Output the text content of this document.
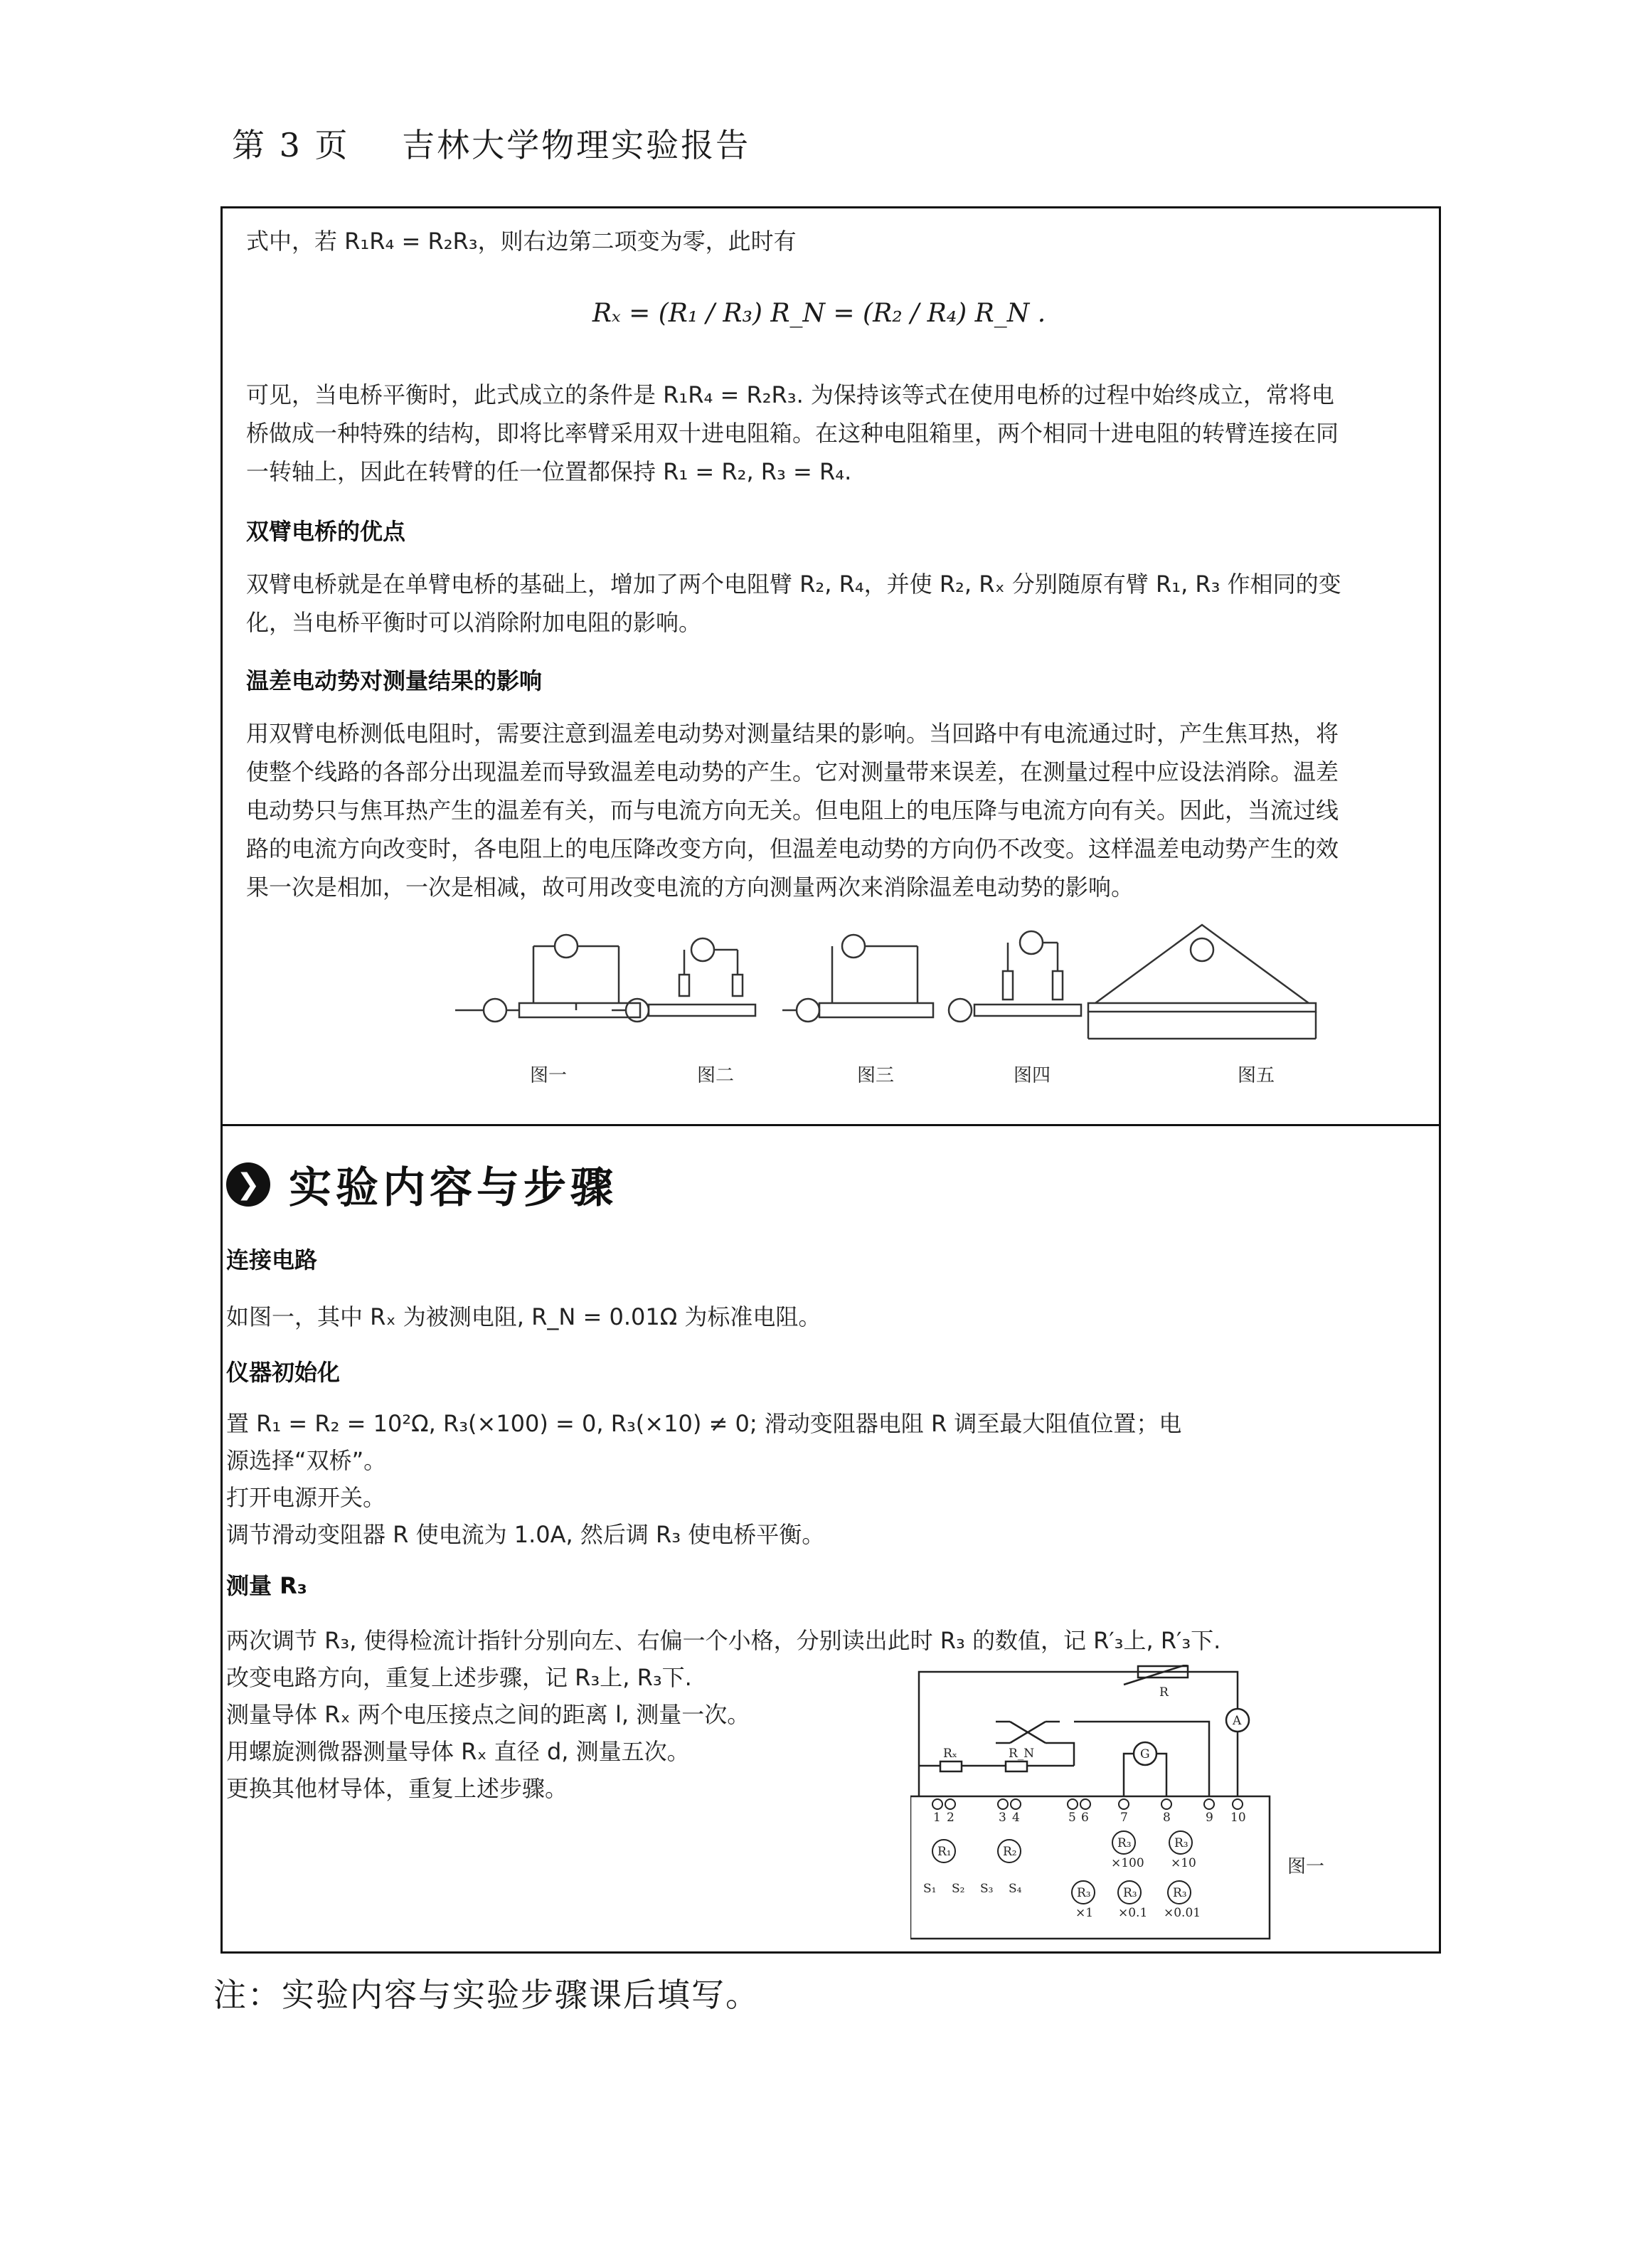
第 3 页 吉林大学物理实验报告
式中，若 R₁R₄ = R₂R₃，则右边第二项变为零，此时有
Rₓ = (R₁ / R₃) R_N = (R₂ / R₄) R_N .
可见，当电桥平衡时，此式成立的条件是 R₁R₄ = R₂R₃. 为保持该等式在使用电桥的过程中始终成立，常将电桥做成一种特殊的结构，即将比率臂采用双十进电阻箱。在这种电阻箱里，两个相同十进电阻的转臂连接在同一转轴上，因此在转臂的任一位置都保持 R₁ = R₂, R₃ = R₄.
双臂电桥的优点
双臂电桥就是在单臂电桥的基础上，增加了两个电阻臂 R₂, R₄，并使 R₂, Rₓ 分别随原有臂 R₁, R₃ 作相同的变化，当电桥平衡时可以消除附加电阻的影响。
温差电动势对测量结果的影响
用双臂电桥测低电阻时，需要注意到温差电动势对测量结果的影响。当回路中有电流通过时，产生焦耳热，将使整个线路的各部分出现温差而导致温差电动势的产生。它对测量带来误差，在测量过程中应设法消除。温差电动势只与焦耳热产生的温差有关，而与电流方向无关。但电阻上的电压降与电流方向有关。因此，当流过线路的电流方向改变时，各电阻上的电压降改变方向，但温差电动势的方向仍不改变。这样温差电动势产生的效果一次是相加，一次是相减，故可用改变电流的方向测量两次来消除温差电动势的影响。
图一	图二	图三	图四	图五
❯ 实验内容与步骤
连接电路
如图一，其中 Rₓ 为被测电阻, R_N = 0.01Ω 为标准电阻。
仪器初始化
置 R₁ = R₂ = 10²Ω, R₃(×100) = 0, R₃(×10) ≠ 0; 滑动变阻器电阻 R 调至最大阻值位置；电
源选择“双桥”。
打开电源开关。
调节滑动变阻器 R 使电流为 1.0A, 然后调 R₃ 使电桥平衡。
测量 R₃
两次调节 R₃, 使得检流计指针分别向左、右偏一个小格，分别读出此时 R₃ 的数值，记 R′₃上, R′₃下.
改变电路方向，重复上述步骤，记 R₃上, R₃下.
测量导体 Rₓ 两个电压接点之间的距离 l, 测量一次。
用螺旋测微器测量导体 Rₓ 直径 d, 测量五次。
更换其他材导体，重复上述步骤。
1 2	3 4	5 6	7	8	9 10
R₁	R₂
R₃	R₃
R₃	R₃	R₃
×100 ×10
×1 ×0.1 ×0.01
S₁ S₂ S₃ S₄
Rₓ	R_N	G
A
R
图一
注：实验内容与实验步骤课后填写。
